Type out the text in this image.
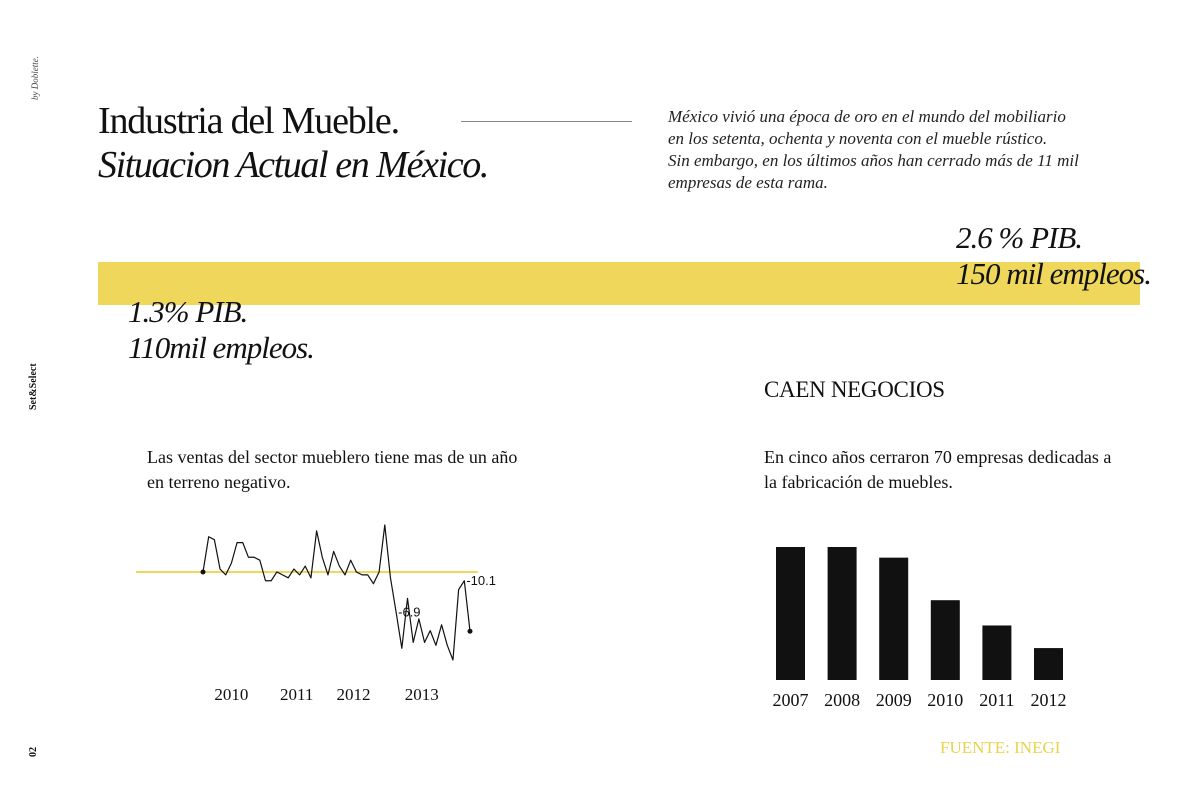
by Doblette.
Set&Select
02
Industria del Mueble.
Situacion Actual en México.
México vivió una época de oro en el mundo del mobiliario
en los setenta, ochenta y noventa con el mueble rústico.
Sin embargo, en los últimos años han cerrado más de 11 mil
empresas de esta rama.
2.6 % PIB.
150 mil empleos.
1.3% PIB.
110mil empleos.
CAEN NEGOCIOS
Las ventas del sector mueblero tiene mas de un año en terreno negativo.
En cinco años cerraron 70 empresas dedicadas a la fabricación de muebles.
-6.9
-10.1
2010 2011 2012 2013	2007 2008 2009 2010 2011 2012
FUENTE: INEGI
